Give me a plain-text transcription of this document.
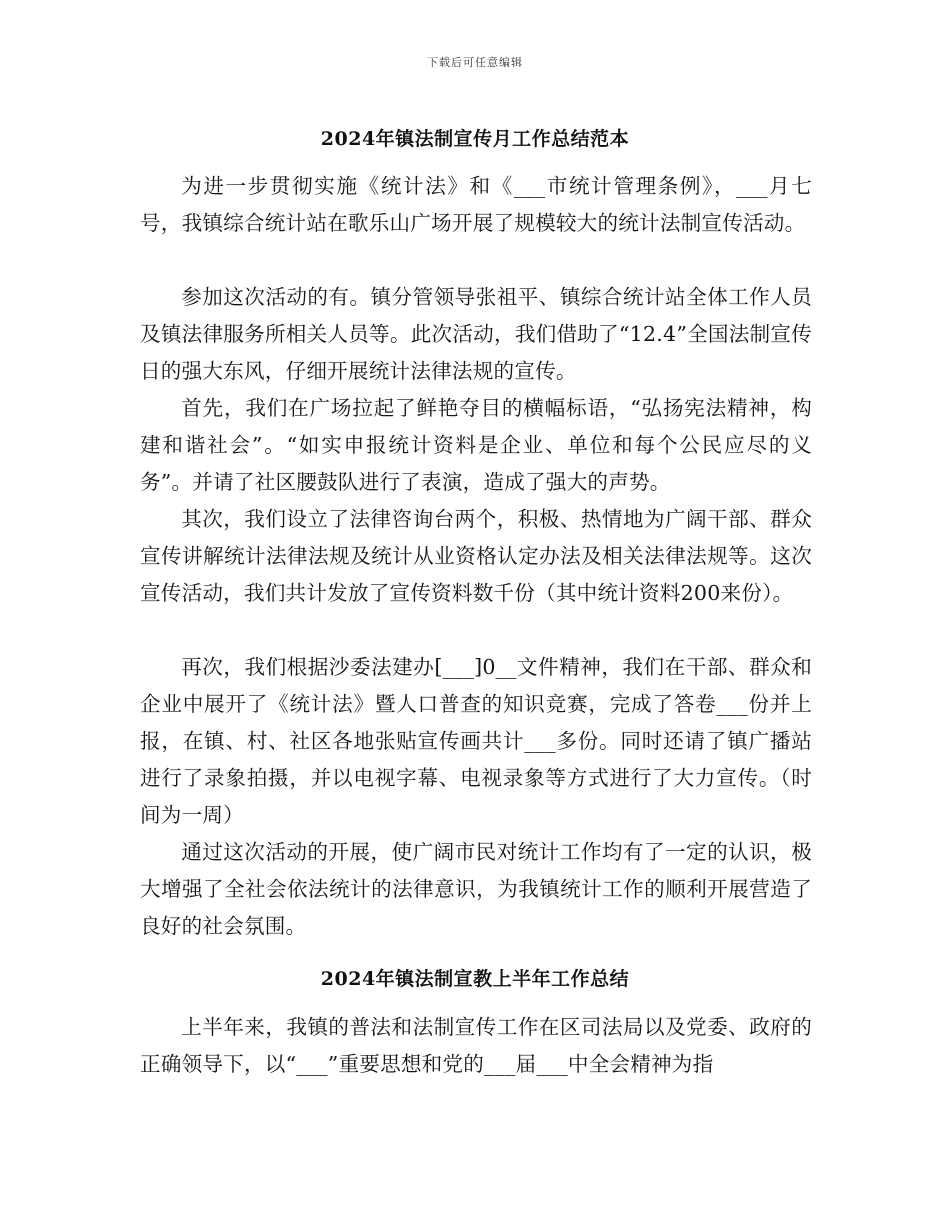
下载后可任意编辑
2024年镇法制宣传月工作总结范本

为进一步贯彻实施《统计法》和《___市统计管理条例》，___月七号，我镇综合统计站在歌乐山广场开展了规模较大的统计法制宣传活动。

参加这次活动的有。镇分管领导张祖平、镇综合统计站全体工作人员及镇法律服务所相关人员等。此次活动，我们借助了“12.4”全国法制宣传日的强大东风，仔细开展统计法律法规的宣传。

首先，我们在广场拉起了鲜艳夺目的横幅标语，“弘扬宪法精神，构建和谐社会”。“如实申报统计资料是企业、单位和每个公民应尽的义务”。并请了社区腰鼓队进行了表演，造成了强大的声势。

其次，我们设立了法律咨询台两个，积极、热情地为广阔干部、群众宣传讲解统计法律法规及统计从业资格认定办法及相关法律法规等。这次宣传活动，我们共计发放了宣传资料数千份（其中统计资料200来份）。

再次，我们根据沙委法建办[___]0__文件精神，我们在干部、群众和企业中展开了《统计法》暨人口普查的知识竞赛，完成了答卷___份并上报，在镇、村、社区各地张贴宣传画共计___多份。同时还请了镇广播站进行了录象拍摄，并以电视字幕、电视录象等方式进行了大力宣传。（时间为一周）

通过这次活动的开展，使广阔市民对统计工作均有了一定的认识，极大增强了全社会依法统计的法律意识，为我镇统计工作的顺利开展营造了良好的社会氛围。

2024年镇法制宣教上半年工作总结

上半年来，我镇的普法和法制宣传工作在区司法局以及党委、政府的正确领导下，以“___”重要思想和党的___届___中全会精神为指
